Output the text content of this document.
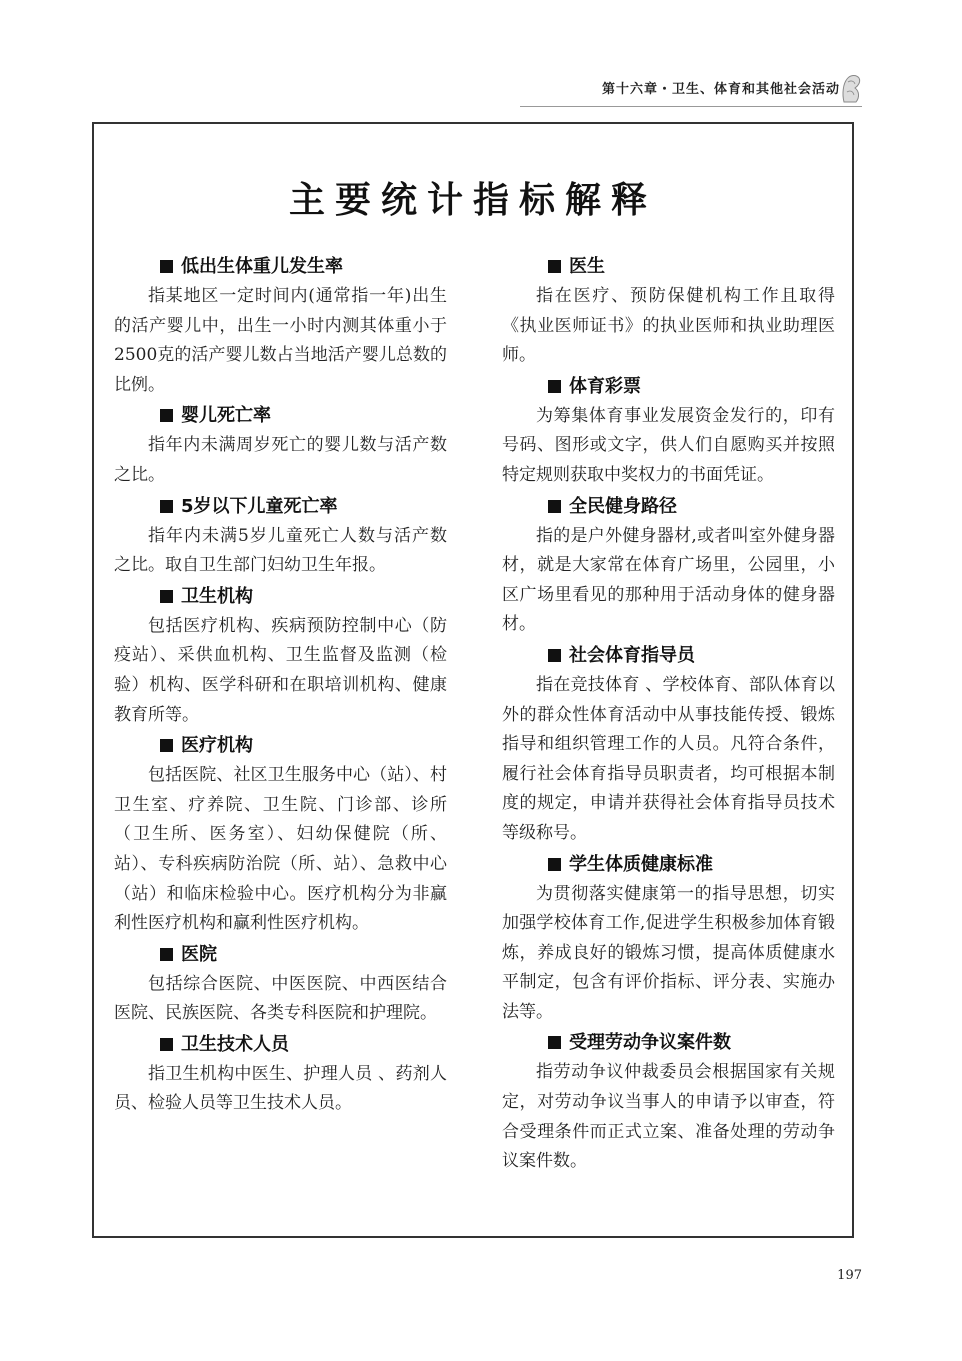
第十六章・卫生、体育和其他社会活动
主要统计指标解释
低出生体重儿发生率

指某地区一定时间内(通常指一年)出生的活产婴儿中，出生一小时内测其体重小于2500克的活产婴儿数占当地活产婴儿总数的比例。

婴儿死亡率

指年内未满周岁死亡的婴儿数与活产数之比。

5岁以下儿童死亡率

指年内未满5岁儿童死亡人数与活产数之比。取自卫生部门妇幼卫生年报。

卫生机构

包括医疗机构、疾病预防控制中心（防疫站）、采供血机构、卫生监督及监测（检验）机构、医学科研和在职培训机构、健康教育所等。

医疗机构

包括医院、社区卫生服务中心（站）、村卫生室、疗养院、卫生院、门诊部、诊所（卫生所、医务室）、妇幼保健院（所、站）、专科疾病防治院（所、站）、急救中心（站）和临床检验中心。医疗机构分为非赢利性医疗机构和赢利性医疗机构。

医院

包括综合医院、中医医院、中西医结合医院、民族医院、各类专科医院和护理院。

卫生技术人员

指卫生机构中医生、护理人员 、药剂人员、检验人员等卫生技术人员。

医生

指在医疗、预防保健机构工作且取得《执业医师证书》的执业医师和执业助理医师。

体育彩票

为筹集体育事业发展资金发行的，印有号码、图形或文字，供人们自愿购买并按照特定规则获取中奖权力的书面凭证。

全民健身路径

指的是户外健身器材,或者叫室外健身器材，就是大家常在体育广场里，公园里，小区广场里看见的那种用于活动身体的健身器材。

社会体育指导员

指在竞技体育 、学校体育、部队体育以外的群众性体育活动中从事技能传授、锻炼指导和组织管理工作的人员。凡符合条件，履行社会体育指导员职责者，均可根据本制度的规定，申请并获得社会体育指导员技术等级称号。

学生体质健康标准

为贯彻落实健康第一的指导思想，切实加强学校体育工作,促进学生积极参加体育锻炼，养成良好的锻炼习惯，提高体质健康水平制定，包含有评价指标、评分表、实施办法等。

受理劳动争议案件数

指劳动争议仲裁委员会根据国家有关规定，对劳动争议当事人的申请予以审查，符合受理条件而正式立案、准备处理的劳动争议案件数。

197
